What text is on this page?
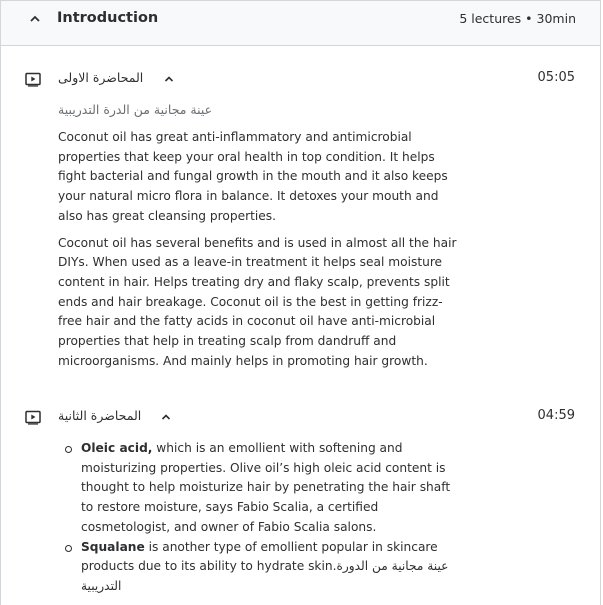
Introduction	5 lectures • 30min
المحاضرة الاولى	05:05
عينة مجانية من الدرة التدريبية

Coconut oil has great anti-inflammatory and antimicrobial properties that keep your oral health in top condition. It helps fight bacterial and fungal growth in the mouth and it also keeps your natural micro flora in balance. It detoxes your mouth and also has great cleansing properties.

Coconut oil has several benefits and is used in almost all the hair DIYs. When used as a leave-in treatment it helps seal moisture content in hair. Helps treating dry and flaky scalp, prevents split ends and hair breakage. Coconut oil is the best in getting frizz-free hair and the fatty acids in coconut oil have anti-microbial properties that help in treating scalp from dandruff and microorganisms. And mainly helps in promoting hair growth.

المحاضرة الثانية	04:59
Oleic acid, which is an emollient with softening and moisturizing properties. Olive oil’s high oleic acid content is thought to help moisturize hair by penetrating the hair shaft to restore moisture, says Fabio Scalia, a certified cosmetologist, and owner of Fabio Scalia salons.
Squalane is another type of emollient popular in skincare products due to its ability to hydrate skin.عينة مجانية من الدورة التدريبية
